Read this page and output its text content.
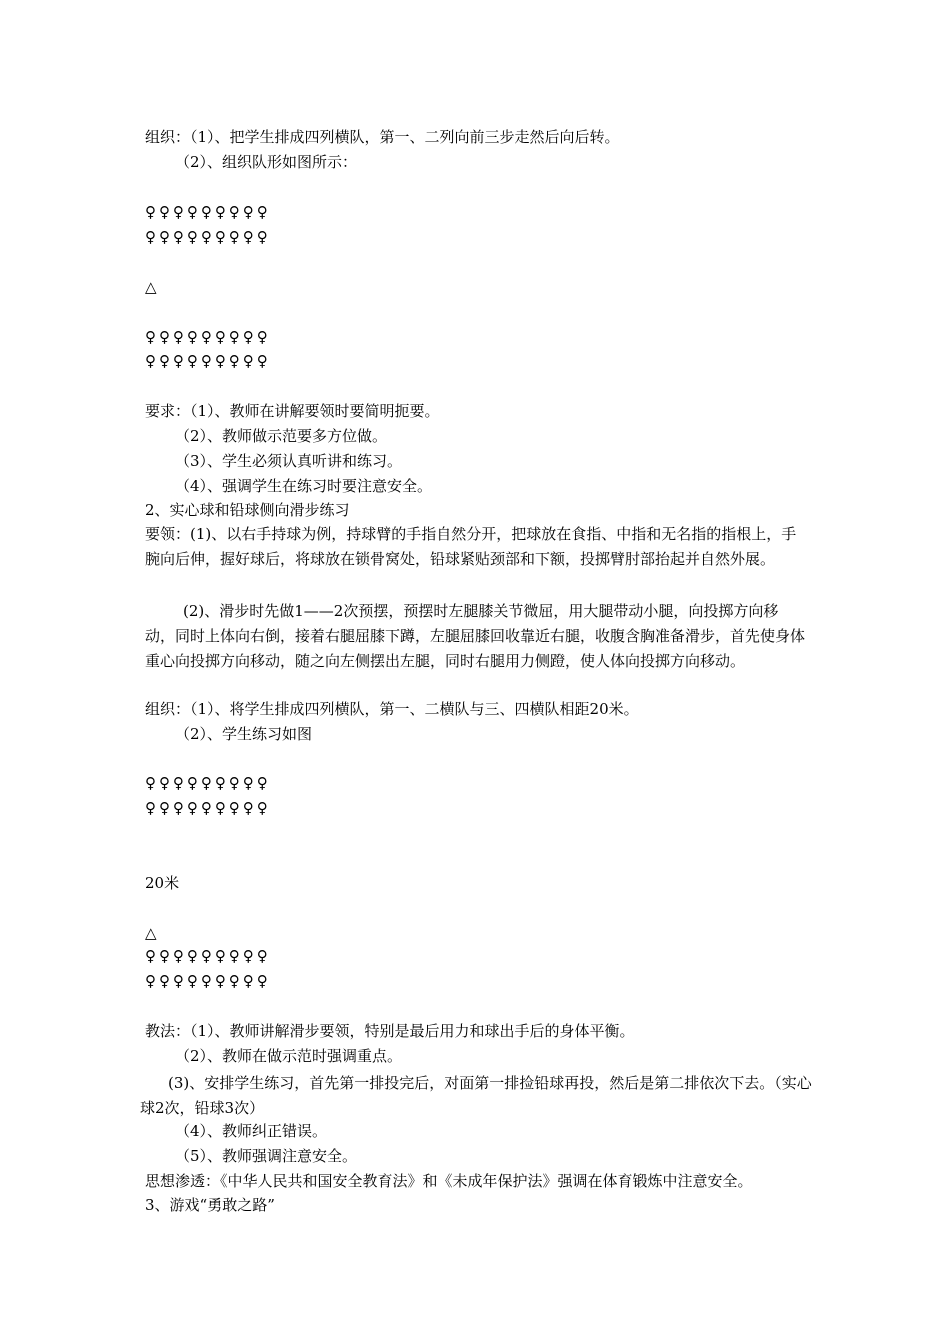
组织：（1）、把学生排成四列横队，第一、二列向前三步走然后向后转。
（2）、组织队形如图所示：
♀♀♀♀♀♀♀♀♀
♀♀♀♀♀♀♀♀♀
△
♀♀♀♀♀♀♀♀♀
♀♀♀♀♀♀♀♀♀
要求：（1）、教师在讲解要领时要简明扼要。
（2）、教师做示范要多方位做。
（3）、学生必须认真听讲和练习。
（4）、强调学生在练习时要注意安全。
2、实心球和铅球侧向滑步练习
要领：(1)、以右手持球为例，持球臂的手指自然分开，把球放在食指、中指和无名指的指根上，手腕向后伸，握好球后，将球放在锁骨窝处，铅球紧贴颈部和下额，投掷臂肘部抬起并自然外展。
(2)、滑步时先做1——2次预摆，预摆时左腿膝关节微屈，用大腿带动小腿，向投掷方向移动，同时上体向右倒，接着右腿屈膝下蹲，左腿屈膝回收靠近右腿，收腹含胸准备滑步，首先使身体重心向投掷方向移动，随之向左侧摆出左腿，同时右腿用力侧蹬，使人体向投掷方向移动。
组织：（1）、将学生排成四列横队，第一、二横队与三、四横队相距20米。
（2）、学生练习如图
♀♀♀♀♀♀♀♀♀
♀♀♀♀♀♀♀♀♀
20米
△
♀♀♀♀♀♀♀♀♀
♀♀♀♀♀♀♀♀♀
教法：（1）、教师讲解滑步要领，特别是最后用力和球出手后的身体平衡。
（2）、教师在做示范时强调重点。
(3)、安排学生练习，首先第一排投完后，对面第一排捡铅球再投，然后是第二排依次下去。（实心球2次，铅球3次）
（4）、教师纠正错误。
（5）、教师强调注意安全。
思想渗透：《中华人民共和国安全教育法》和《未成年保护法》强调在体育锻炼中注意安全。
3、游戏“勇敢之路”
